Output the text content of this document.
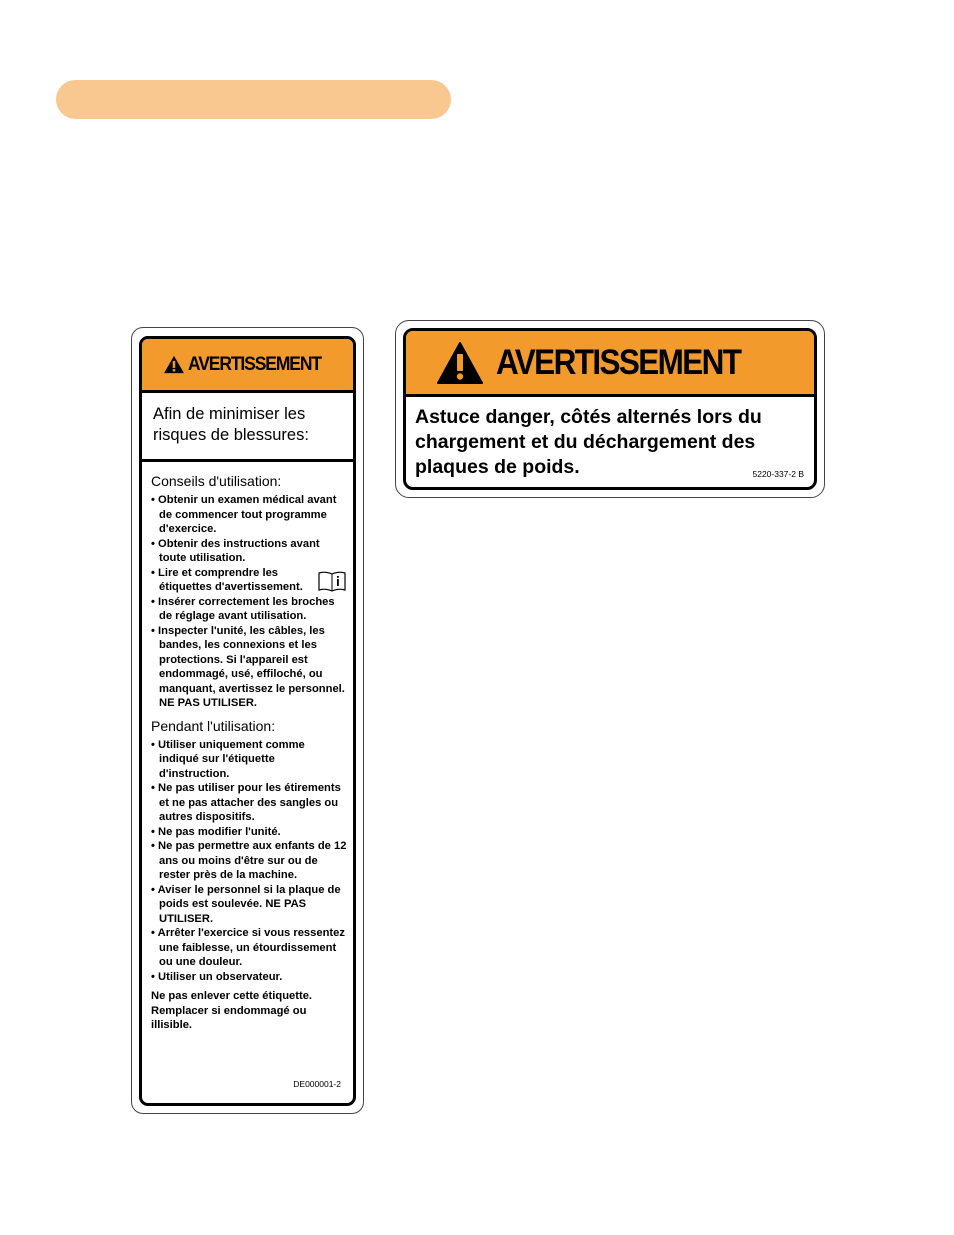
AVERTISSEMENT
Afin de minimiser les risques de blessures:
Conseils d'utilisation:
• Obtenir un examen médical avant de commencer tout programme d'exercice.
• Obtenir des instructions avant toute utilisation.
• Lire et comprendre les étiquettes d'avertissement.
• Insérer correctement les broches de réglage avant utilisation.
• Inspecter l'unité, les câbles, les bandes, les connexions et les protections. Si l'appareil est endommagé, usé, effiloché, ou manquant, avertissez le personnel. NE PAS UTILISER.
Pendant l'utilisation:
• Utiliser uniquement comme indiqué sur l'étiquette d'instruction.
• Ne pas utiliser pour les étirements et ne pas attacher des sangles ou autres dispositifs.
• Ne pas modifier l'unité.
• Ne pas permettre aux enfants de 12 ans ou moins d'être sur ou de rester près de la machine.
• Aviser le personnel si la plaque de poids est soulevée. NE PAS UTILISER.
• Arrêter l'exercice si vous ressentez une faiblesse, un étourdissement ou une douleur.
• Utiliser un observateur.
Ne pas enlever cette étiquette. Remplacer si endommagé ou illisible.
DE000001-2
AVERTISSEMENT
Astuce danger, côtés alternés lors du chargement et du déchargement des plaques de poids.	5220-337-2 B
